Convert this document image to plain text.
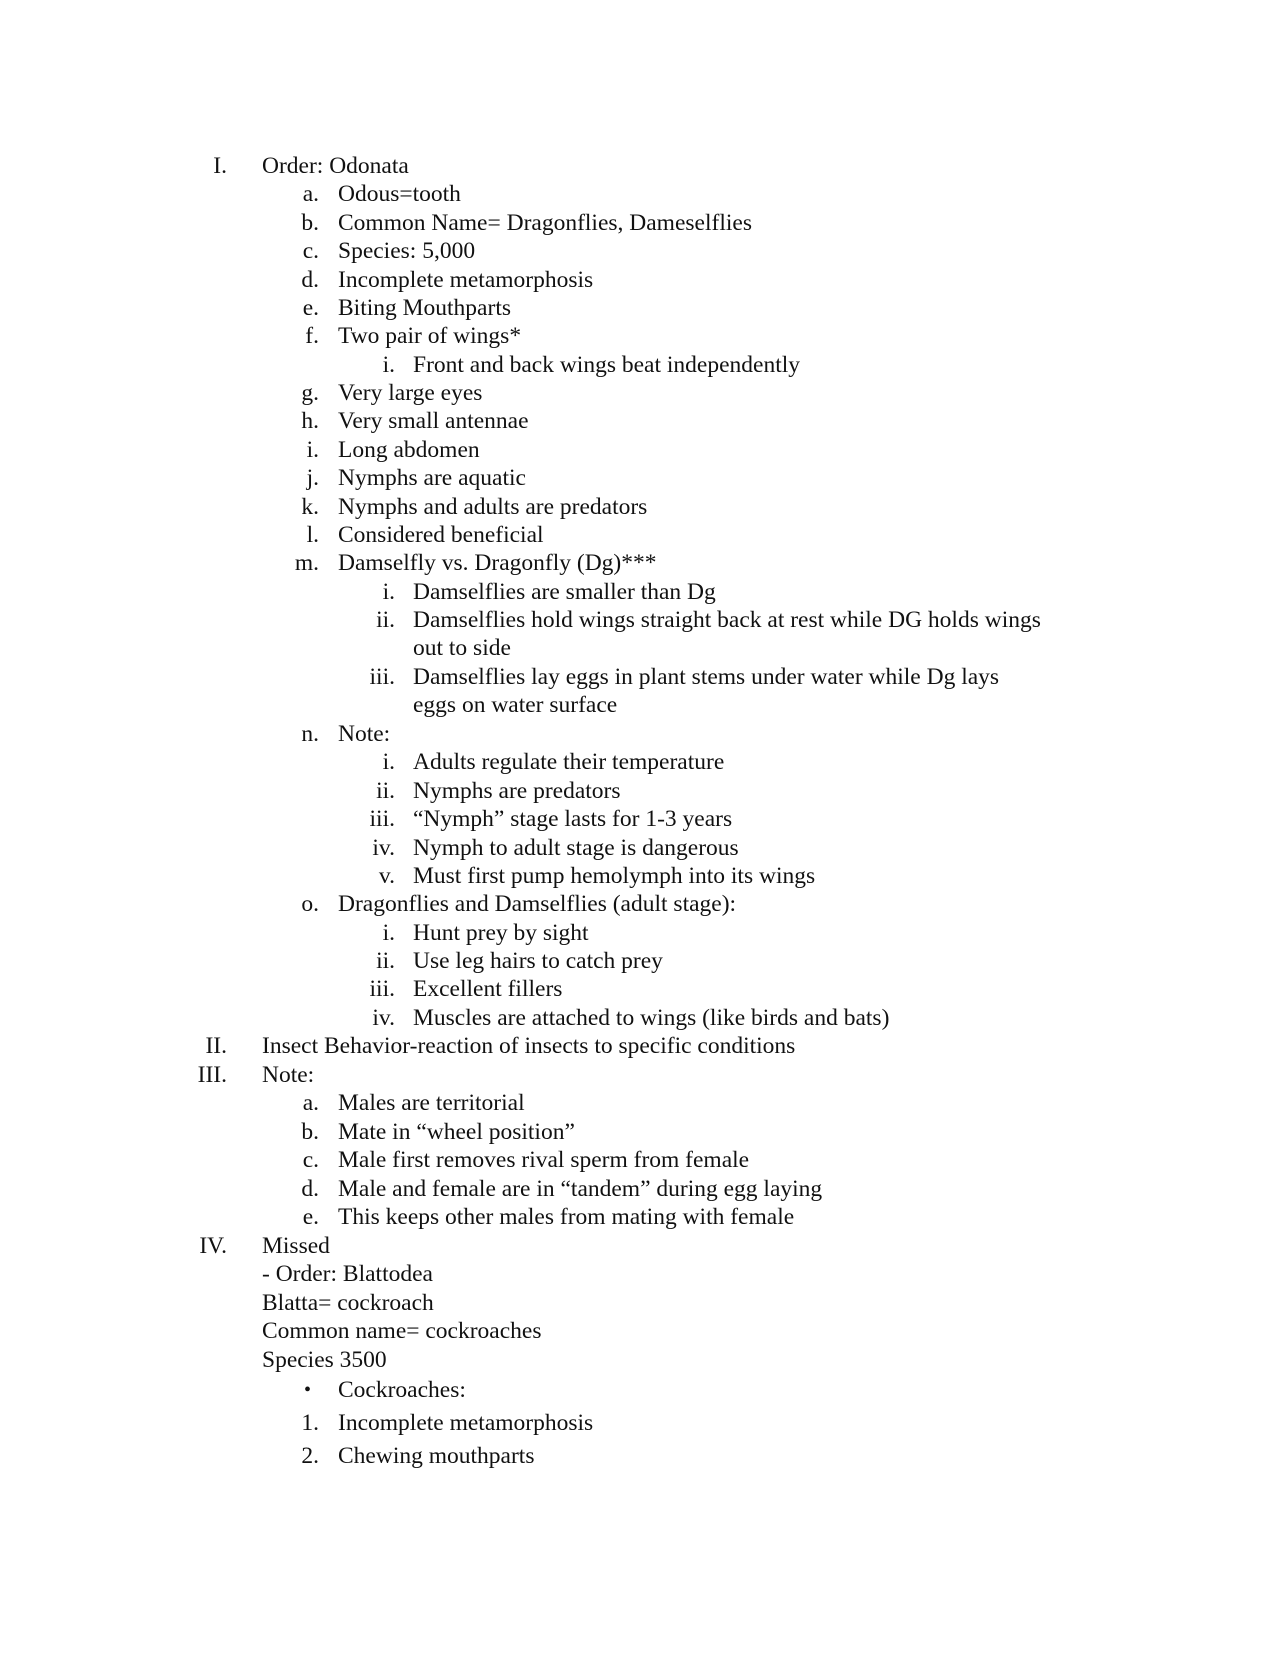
I. Order: Odonata
a. Odous=tooth
b. Common Name= Dragonflies, Dameselflies
c. Species: 5,000
d. Incomplete metamorphosis
e. Biting Mouthparts
f. Two pair of wings*
i. Front and back wings beat independently
g. Very large eyes
h. Very small antennae
i. Long abdomen
j. Nymphs are aquatic
k. Nymphs and adults are predators
l. Considered beneficial
m. Damselfly vs. Dragonfly (Dg)***
i. Damselflies are smaller than Dg
ii. Damselflies hold wings straight back at rest while DG holds wings
out to side
iii. Damselflies lay eggs in plant stems under water while Dg lays
eggs on water surface
n. Note:
i. Adults regulate their temperature
ii. Nymphs are predators
iii. “Nymph” stage lasts for 1-3 years
iv. Nymph to adult stage is dangerous
v. Must first pump hemolymph into its wings
o. Dragonflies and Damselflies (adult stage):
i. Hunt prey by sight
ii. Use leg hairs to catch prey
iii. Excellent fillers
iv. Muscles are attached to wings (like birds and bats)
II. Insect Behavior-reaction of insects to specific conditions
III. Note:
a. Males are territorial
b. Mate in “wheel position”
c. Male first removes rival sperm from female
d. Male and female are in “tandem” during egg laying
e. This keeps other males from mating with female
IV. Missed
- Order: Blattodea
Blatta= cockroach
Common name= cockroaches
Species 3500
• Cockroaches:
1. Incomplete metamorphosis
2. Chewing mouthparts
